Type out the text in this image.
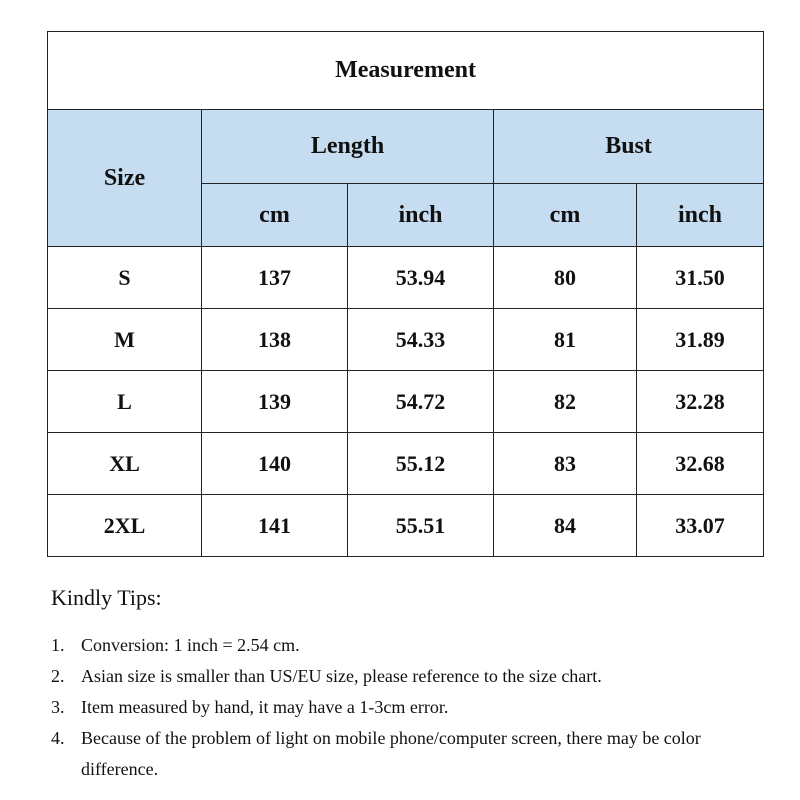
Measurement				
Size	Length		Bust	
	cm	inch	cm	inch
S	137	53.94	80	31.50
M	138	54.33	81	31.89
L	139	54.72	82	32.28
XL	140	55.12	83	32.68
2XL	141	55.51	84	33.07
Kindly Tips:
1. Conversion: 1 inch = 2.54 cm.
2. Asian size is smaller than US/EU size, please reference to the size chart.
3. Item measured by hand, it may have a 1-3cm error.
4. Because of the problem of light on mobile phone/computer screen, there may be color difference.
